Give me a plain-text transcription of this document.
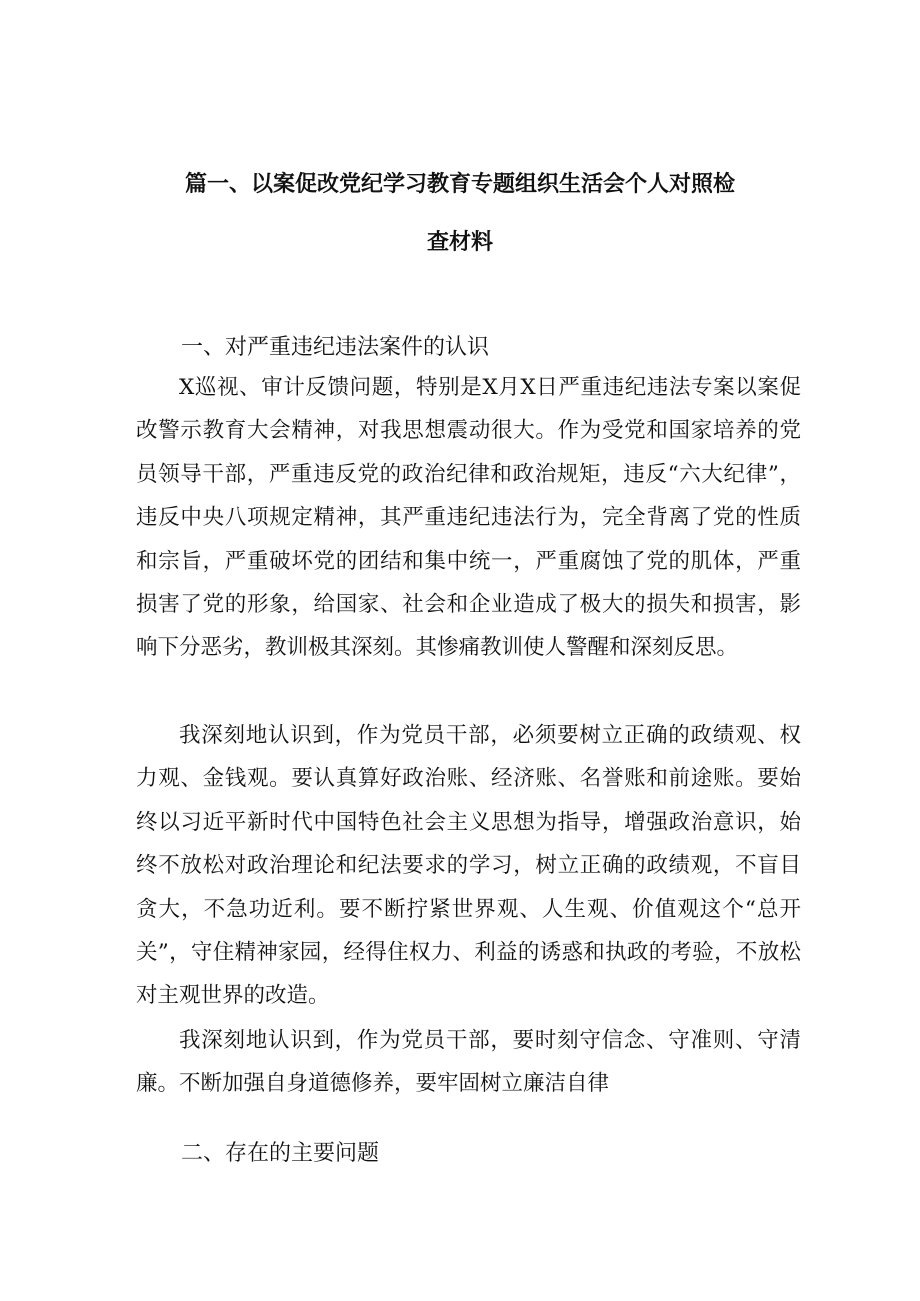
篇一、以案促改党纪学习教育专题组织生活会个人对照检
查材料
一、对严重违纪违法案件的认识

X巡视、审计反馈问题，特别是X月X日严重违纪违法专案以案促改警示教育大会精神，对我思想震动很大。作为受党和国家培养的党员领导干部，严重违反党的政治纪律和政治规矩，违反“六大纪律”，违反中央八项规定精神，其严重违纪违法行为，完全背离了党的性质和宗旨，严重破坏党的团结和集中统一，严重腐蚀了党的肌体，严重损害了党的形象，给国家、社会和企业造成了极大的损失和损害，影响下分恶劣，教训极其深刻。其惨痛教训使人警醒和深刻反思。

我深刻地认识到，作为党员干部，必须要树立正确的政绩观、权力观、金钱观。要认真算好政治账、经济账、名誉账和前途账。要始终以习近平新时代中国特色社会主义思想为指导，增强政治意识，始终不放松对政治理论和纪法要求的学习，树立正确的政绩观，不盲目贪大，不急功近利。要不断拧紧世界观、人生观、价值观这个“总开关”，守住精神家园，经得住权力、利益的诱惑和执政的考验，不放松对主观世界的改造。

我深刻地认识到，作为党员干部，要时刻守信念、守准则、守清廉。不断加强自身道德修养，要牢固树立廉洁自律

二、存在的主要问题
